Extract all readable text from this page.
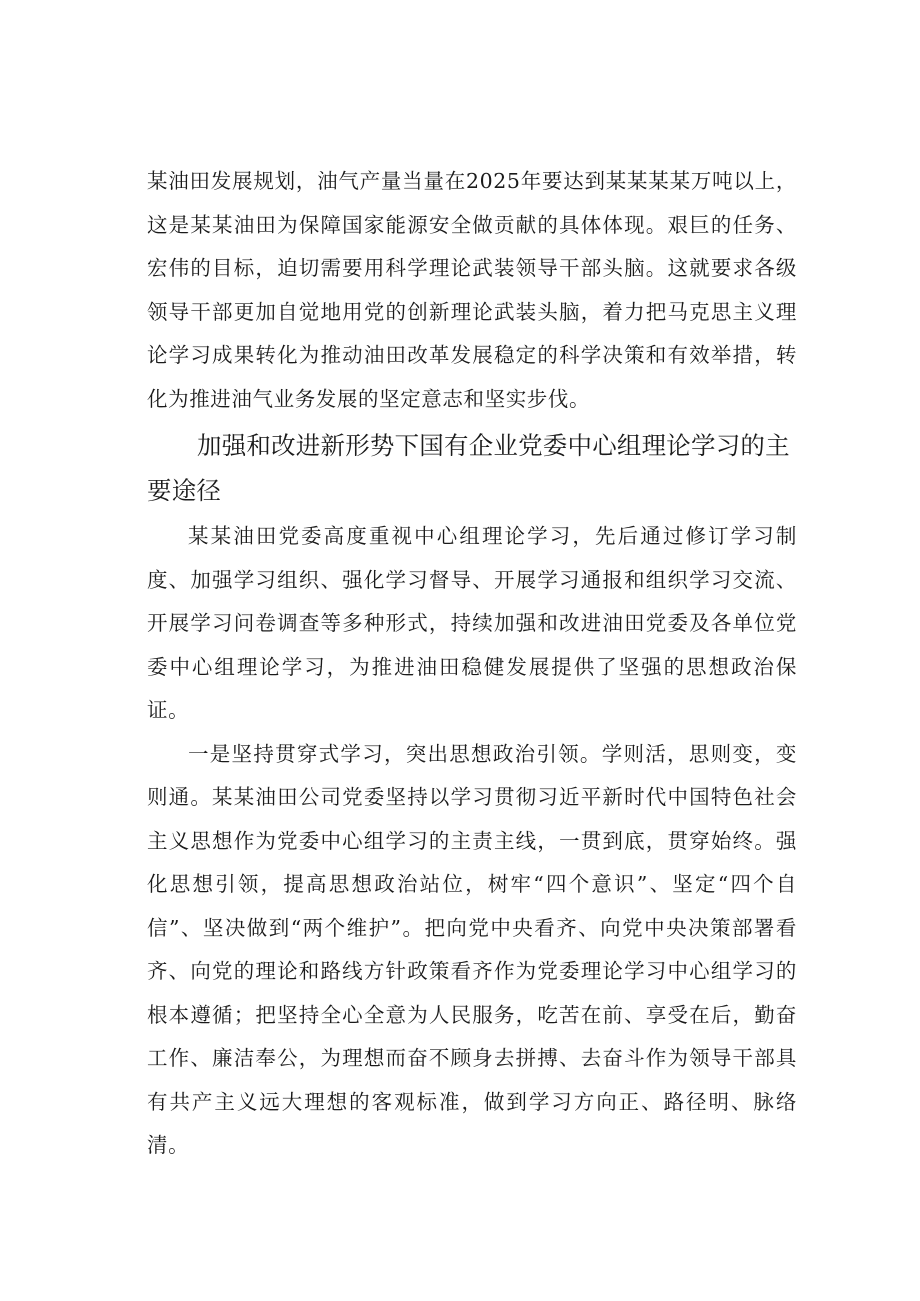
某油田发展规划，油气产量当量在2025年要达到某某某某万吨以上，这是某某油田为保障国家能源安全做贡献的具体体现。艰巨的任务、宏伟的目标，迫切需要用科学理论武装领导干部头脑。这就要求各级领导干部更加自觉地用党的创新理论武装头脑，着力把马克思主义理论学习成果转化为推动油田改革发展稳定的科学决策和有效举措，转化为推进油气业务发展的坚定意志和坚实步伐。

加强和改进新形势下国有企业党委中心组理论学习的主要途径

某某油田党委高度重视中心组理论学习，先后通过修订学习制度、加强学习组织、强化学习督导、开展学习通报和组织学习交流、开展学习问卷调查等多种形式，持续加强和改进油田党委及各单位党委中心组理论学习，为推进油田稳健发展提供了坚强的思想政治保证。

一是坚持贯穿式学习，突出思想政治引领。学则活，思则变，变则通。某某油田公司党委坚持以学习贯彻习近平新时代中国特色社会主义思想作为党委中心组学习的主责主线，一贯到底，贯穿始终。强化思想引领，提高思想政治站位，树牢“四个意识”、坚定“四个自信”、坚决做到“两个维护”。把向党中央看齐、向党中央决策部署看齐、向党的理论和路线方针政策看齐作为党委理论学习中心组学习的根本遵循；把坚持全心全意为人民服务，吃苦在前、享受在后，勤奋工作、廉洁奉公，为理想而奋不顾身去拼搏、去奋斗作为领导干部具有共产主义远大理想的客观标准，做到学习方向正、路径明、脉络清。
